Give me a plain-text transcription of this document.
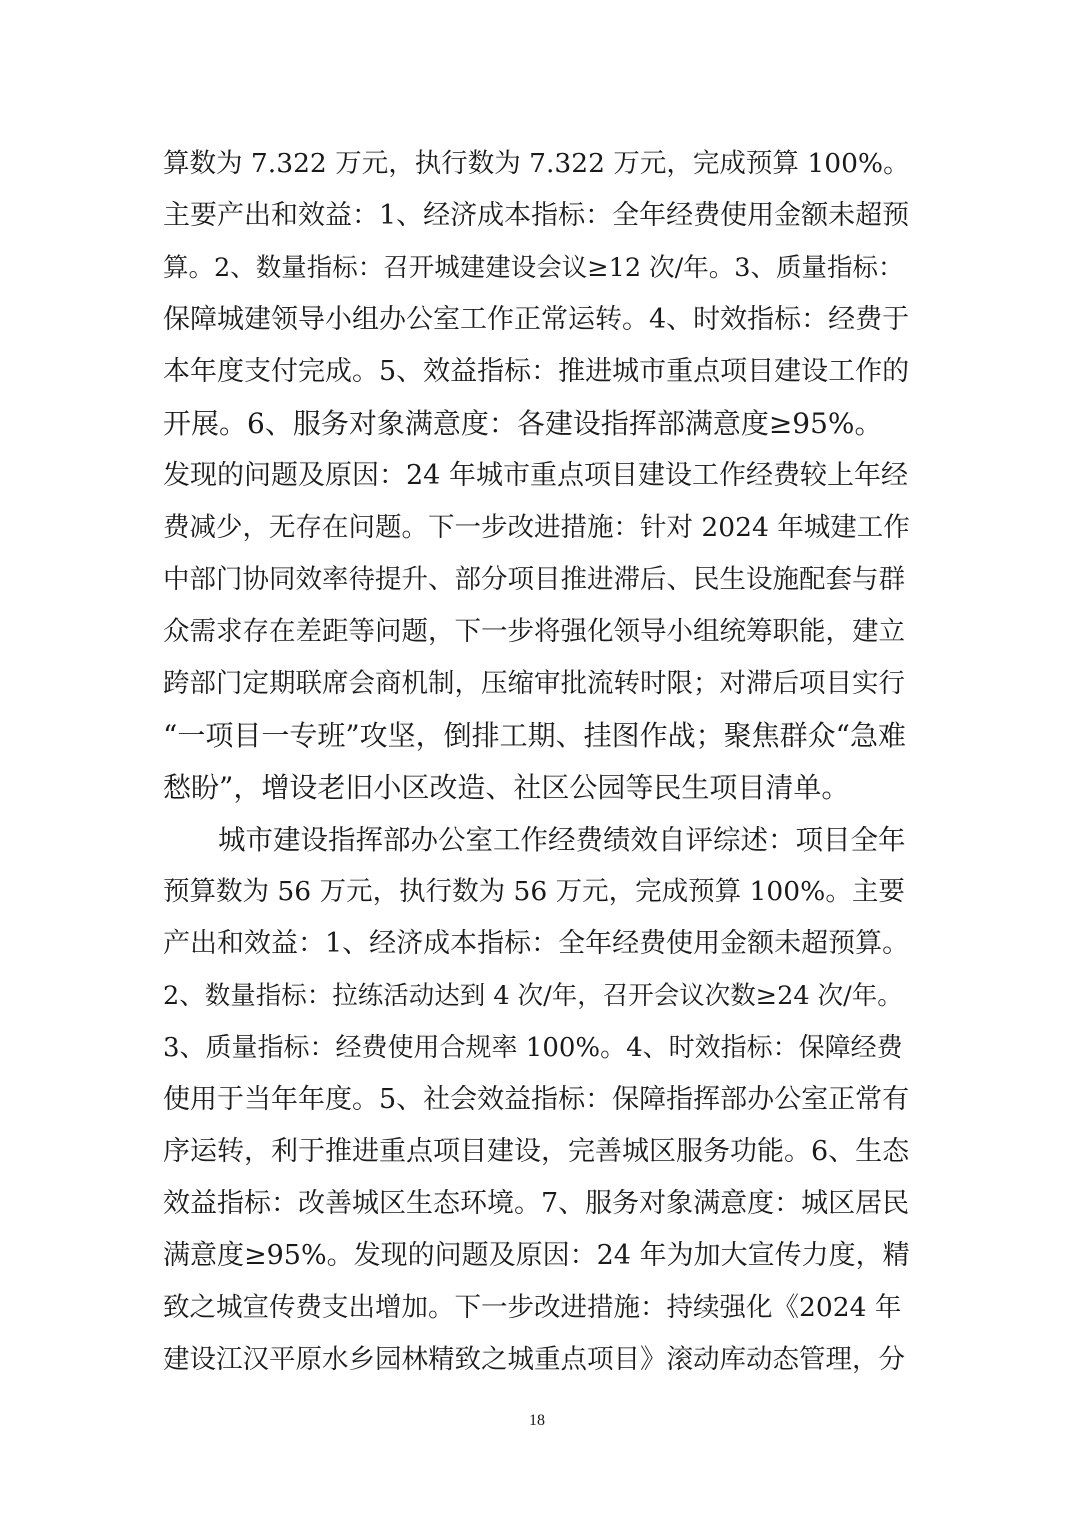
算数为 7.322 万元，执行数为 7.322 万元，完成预算 100%。
主要产出和效益：1、经济成本指标：全年经费使用金额未超预
算。2、数量指标：召开城建建设会议≥12 次/年。3、质量指标：
保障城建领导小组办公室工作正常运转。4、时效指标：经费于
本年度支付完成。5、效益指标：推进城市重点项目建设工作的
开展。6、服务对象满意度：各建设指挥部满意度≥95%。
发现的问题及原因：24 年城市重点项目建设工作经费较上年经
费减少，无存在问题。下一步改进措施：针对 2024 年城建工作
中部门协同效率待提升、部分项目推进滞后、民生设施配套与群
众需求存在差距等问题，下一步将强化领导小组统筹职能，建立
跨部门定期联席会商机制，压缩审批流转时限；对滞后项目实行
“一项目一专班”攻坚，倒排工期、挂图作战；聚焦群众“急难
愁盼”，增设老旧小区改造、社区公园等民生项目清单。
　　城市建设指挥部办公室工作经费绩效自评综述：项目全年
预算数为 56 万元，执行数为 56 万元，完成预算 100%。主要
产出和效益：1、经济成本指标：全年经费使用金额未超预算。
2、数量指标：拉练活动达到 4 次/年，召开会议次数≥24 次/年。
3、质量指标：经费使用合规率 100%。4、时效指标：保障经费
使用于当年年度。5、社会效益指标：保障指挥部办公室正常有
序运转，利于推进重点项目建设，完善城区服务功能。6、生态
效益指标：改善城区生态环境。7、服务对象满意度：城区居民
满意度≥95%。发现的问题及原因：24 年为加大宣传力度，精
致之城宣传费支出增加。下一步改进措施：持续强化《2024 年
建设江汉平原水乡园林精致之城重点项目》滚动库动态管理，分
18
